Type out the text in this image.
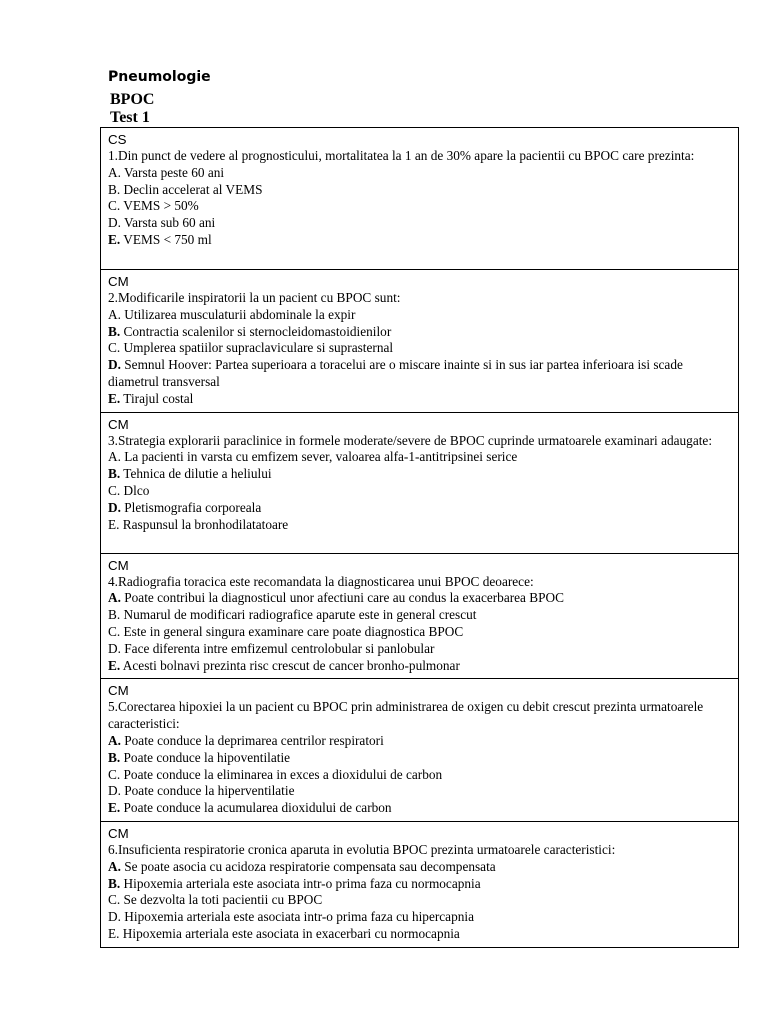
Pneumologie
BPOC
Test 1
CS
1.Din punct de vedere al prognosticului, mortalitatea la 1 an de 30% apare la pacientii cu BPOC care prezinta:
A. Varsta peste 60 ani
B. Declin accelerat al VEMS
C. VEMS > 50%
D. Varsta sub 60 ani
E. VEMS < 750 ml

CM
2.Modificarile inspiratorii la un pacient cu BPOC sunt:
A. Utilizarea musculaturii abdominale la expir
B. Contractia scalenilor si sternocleidomastoidienilor
C. Umplerea spatiilor supraclaviculare si suprasternal
D. Semnul Hoover: Partea superioara a toracelui are o miscare inainte si in sus iar partea inferioara isi scade diametrul transversal
E. Tirajul costal

CM
3.Strategia explorarii paraclinice in formele moderate/severe de BPOC cuprinde urmatoarele examinari adaugate:
A. La pacienti in varsta cu emfizem sever, valoarea alfa-1-antitripsinei serice
B. Tehnica de dilutie a heliului
C. Dlco
D. Pletismografia corporeala
E. Raspunsul la bronhodilatatoare

CM
4.Radiografia toracica este recomandata la diagnosticarea unui BPOC deoarece:
A. Poate contribui la diagnosticul unor afectiuni care au condus la exacerbarea BPOC
B. Numarul de modificari radiografice aparute este in general crescut
C. Este in general singura examinare care poate diagnostica BPOC
D. Face diferenta intre emfizemul centrolobular si panlobular
E. Acesti bolnavi prezinta risc crescut de cancer bronho-pulmonar

CM
5.Corectarea hipoxiei la un pacient cu BPOC prin administrarea de oxigen cu debit crescut prezinta urmatoarele caracteristici:
A. Poate conduce la deprimarea centrilor respiratori
B. Poate conduce la hipoventilatie
C. Poate conduce la eliminarea in exces a dioxidului de carbon
D. Poate conduce la hiperventilatie
E. Poate conduce la acumularea dioxidului de carbon

CM
6.Insuficienta respiratorie cronica aparuta in evolutia BPOC prezinta urmatoarele caracteristici:
A. Se poate asocia cu acidoza respiratorie compensata sau decompensata
B. Hipoxemia arteriala este asociata intr-o prima faza cu normocapnia
C. Se dezvolta la toti pacientii cu BPOC
D. Hipoxemia arteriala este asociata intr-o prima faza cu hipercapnia
E. Hipoxemia arteriala este asociata in exacerbari cu normocapnia
